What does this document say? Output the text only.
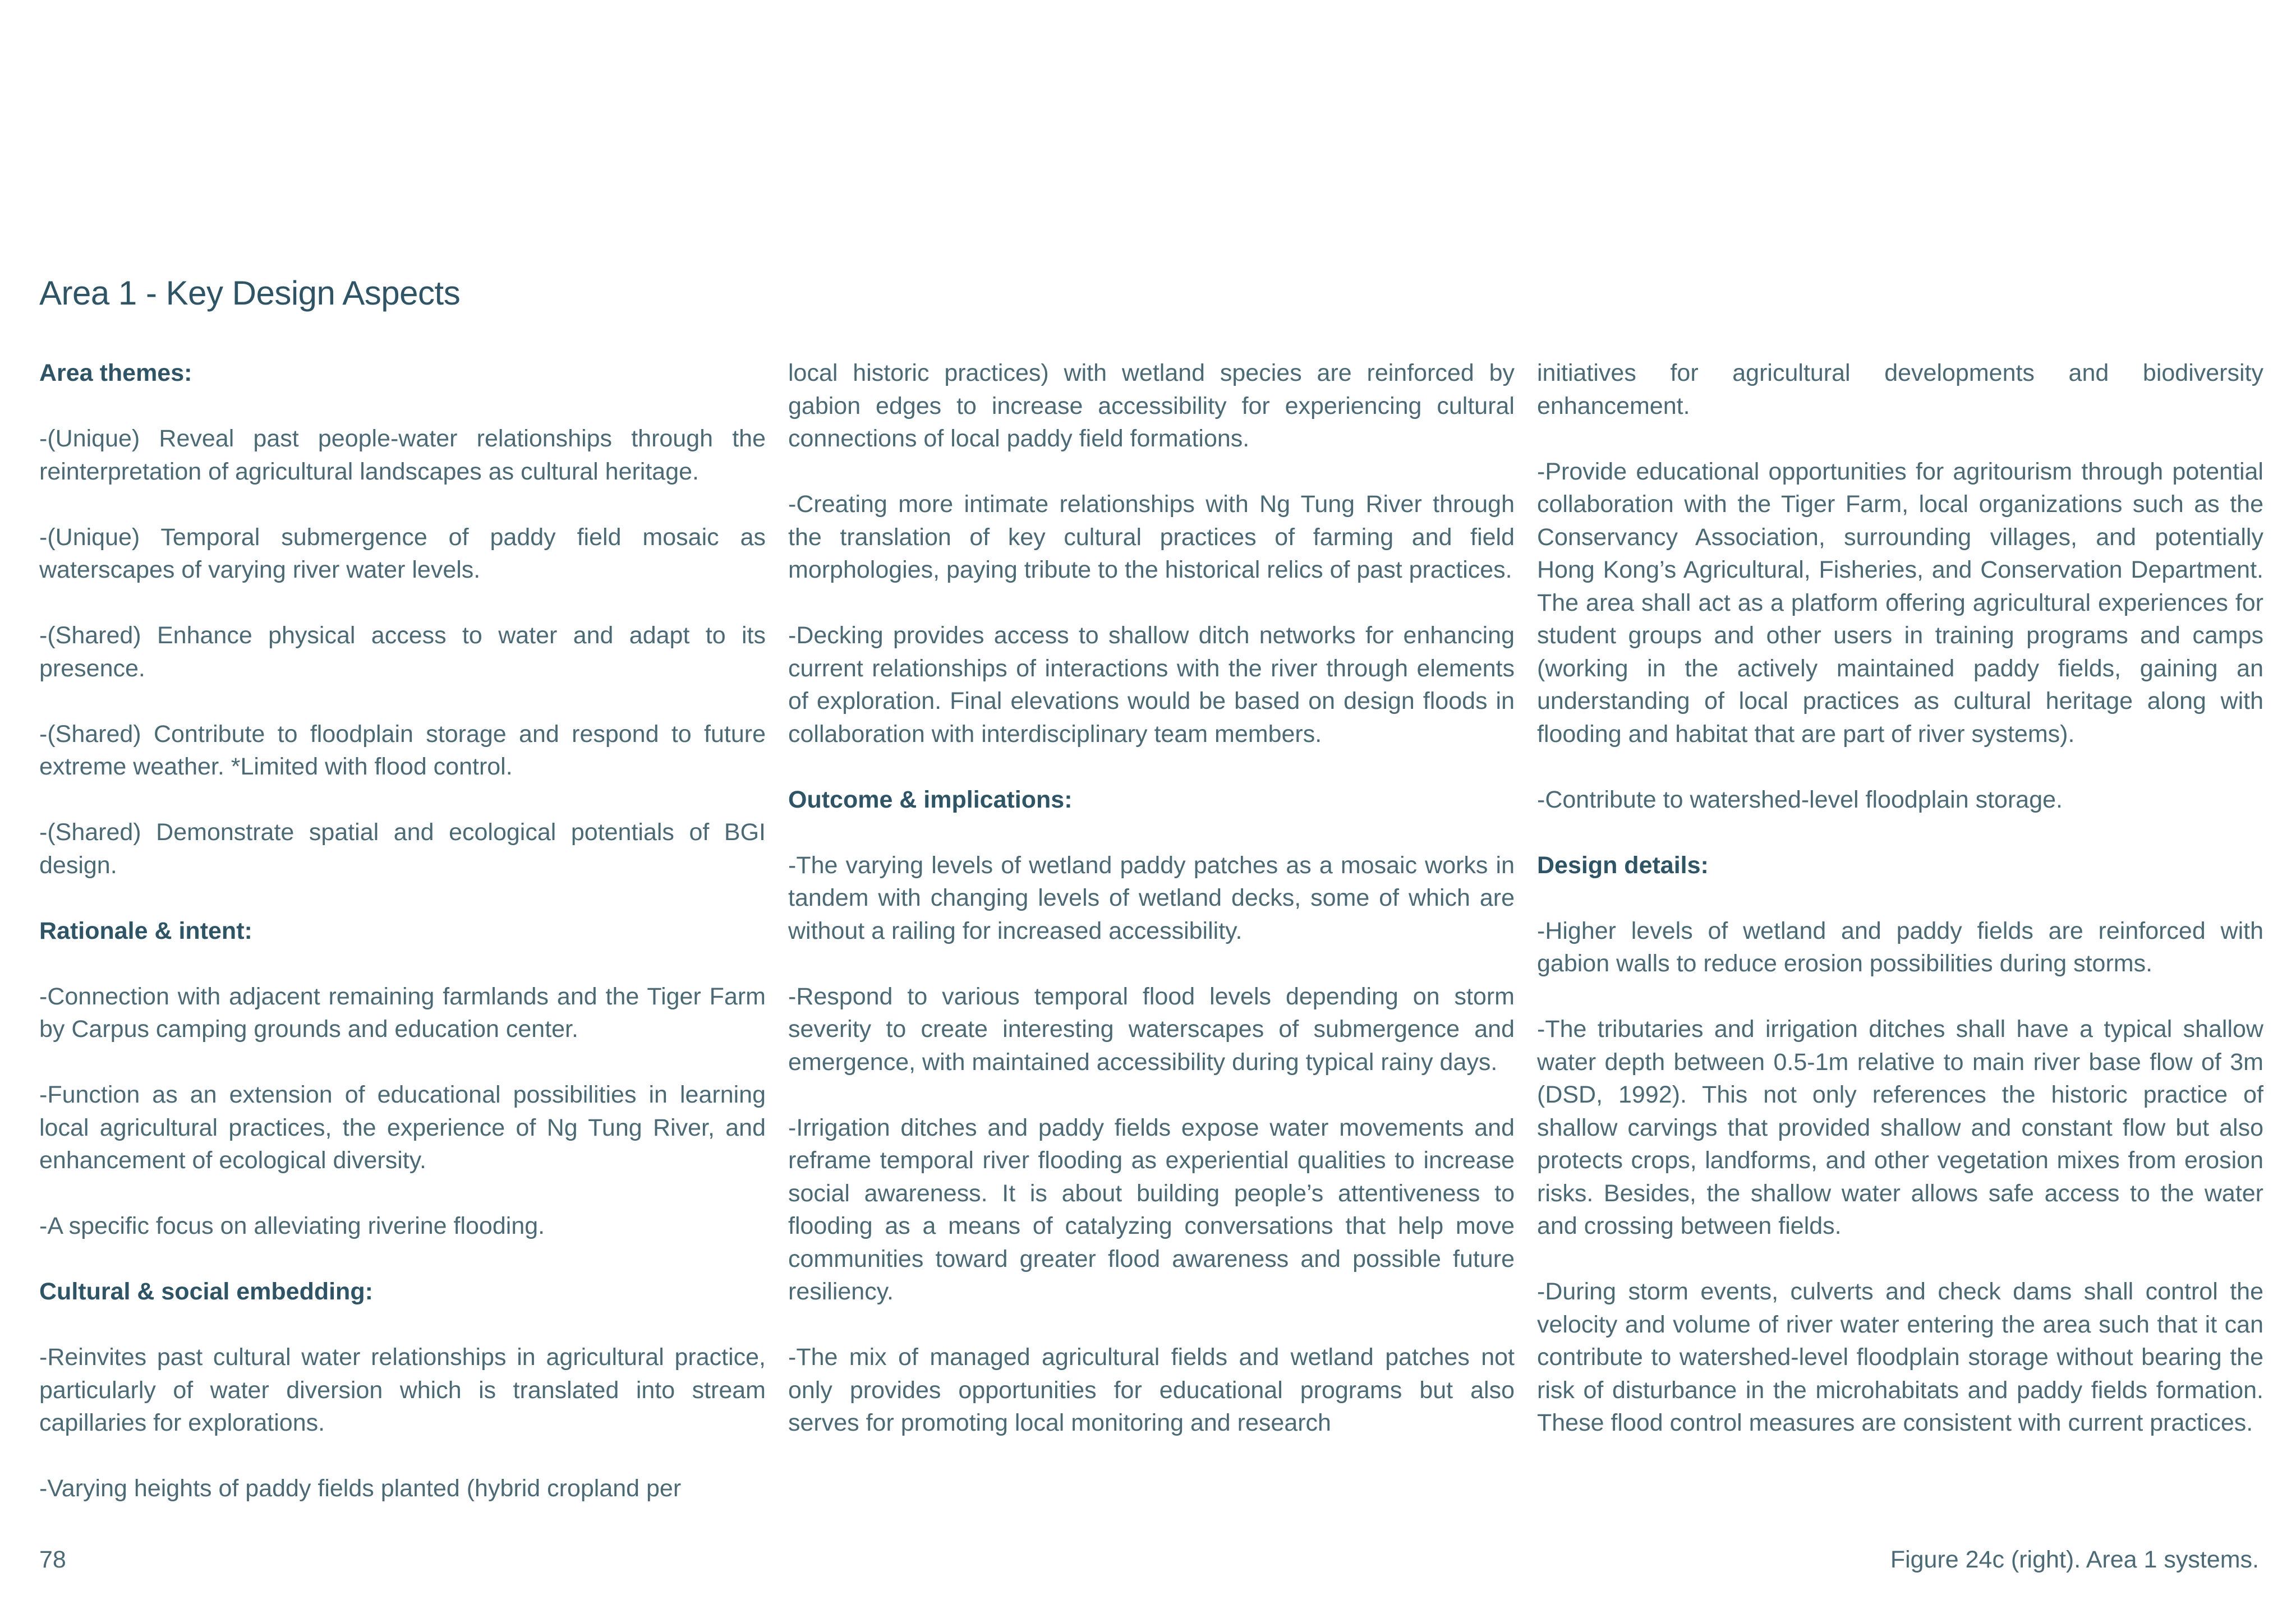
Area 1 - Key Design Aspects
Area themes:

-(Unique) Reveal past people-water relationships through the reinterpretation of agricultural landscapes as cultural heritage.

-(Unique) Temporal submergence of paddy field mosaic as waterscapes of varying river water levels.

-(Shared) Enhance physical access to water and adapt to its presence.

-(Shared) Contribute to floodplain storage and respond to future extreme weather. *Limited with flood control.

-(Shared) Demonstrate spatial and ecological potentials of BGI design.

Rationale & intent:

-Connection with adjacent remaining farmlands and the Tiger Farm by Carpus camping grounds and education center.

-Function as an extension of educational possibilities in learning local agricultural practices, the experience of Ng Tung River, and enhancement of ecological diversity.

-A specific focus on alleviating riverine flooding.

Cultural & social embedding:

-Reinvites past cultural water relationships in agricultural practice, particularly of water diversion which is translated into stream capillaries for explorations.

-Varying heights of paddy fields planted (hybrid cropland per

local historic practices) with wetland species are reinforced by gabion edges to increase accessibility for experiencing cultural connections of local paddy field formations.

-Creating more intimate relationships with Ng Tung River through the translation of key cultural practices of farming and field morphologies, paying tribute to the historical relics of past practices.

-Decking provides access to shallow ditch networks for enhancing current relationships of interactions with the river through elements of exploration. Final elevations would be based on design floods in collaboration with interdisciplinary team members.

Outcome & implications:

-The varying levels of wetland paddy patches as a mosaic works in tandem with changing levels of wetland decks, some of which are without a railing for increased accessibility.

-Respond to various temporal flood levels depending on storm severity to create interesting waterscapes of submergence and emergence, with maintained accessibility during typical rainy days.

-Irrigation ditches and paddy fields expose water movements and reframe temporal river flooding as experiential qualities to increase social awareness. It is about building people’s attentiveness to flooding as a means of catalyzing conversations that help move communities toward greater flood awareness and possible future resiliency.

-The mix of managed agricultural fields and wetland patches not only provides opportunities for educational programs but also serves for promoting local monitoring and research

initiatives for agricultural developments and biodiversity enhancement.

-Provide educational opportunities for agritourism through potential collaboration with the Tiger Farm, local organizations such as the Conservancy Association, surrounding villages, and potentially Hong Kong’s Agricultural, Fisheries, and Conservation Department. The area shall act as a platform offering agricultural experiences for student groups and other users in training programs and camps (working in the actively maintained paddy fields, gaining an understanding of local practices as cultural heritage along with flooding and habitat that are part of river systems).

-Contribute to watershed-level floodplain storage.

Design details:

-Higher levels of wetland and paddy fields are reinforced with gabion walls to reduce erosion possibilities during storms.

-The tributaries and irrigation ditches shall have a typical shallow water depth between 0.5-1m relative to main river base flow of 3m (DSD, 1992). This not only references the historic practice of shallow carvings that provided shallow and constant flow but also protects crops, landforms, and other vegetation mixes from erosion risks. Besides, the shallow water allows safe access to the water and crossing between fields.

-During storm events, culverts and check dams shall control the velocity and volume of river water entering the area such that it can contribute to watershed-level floodplain storage without bearing the risk of disturbance in the microhabitats and paddy fields formation. These flood control measures are consistent with current practices.

78	Figure 24c (right). Area 1 systems.
